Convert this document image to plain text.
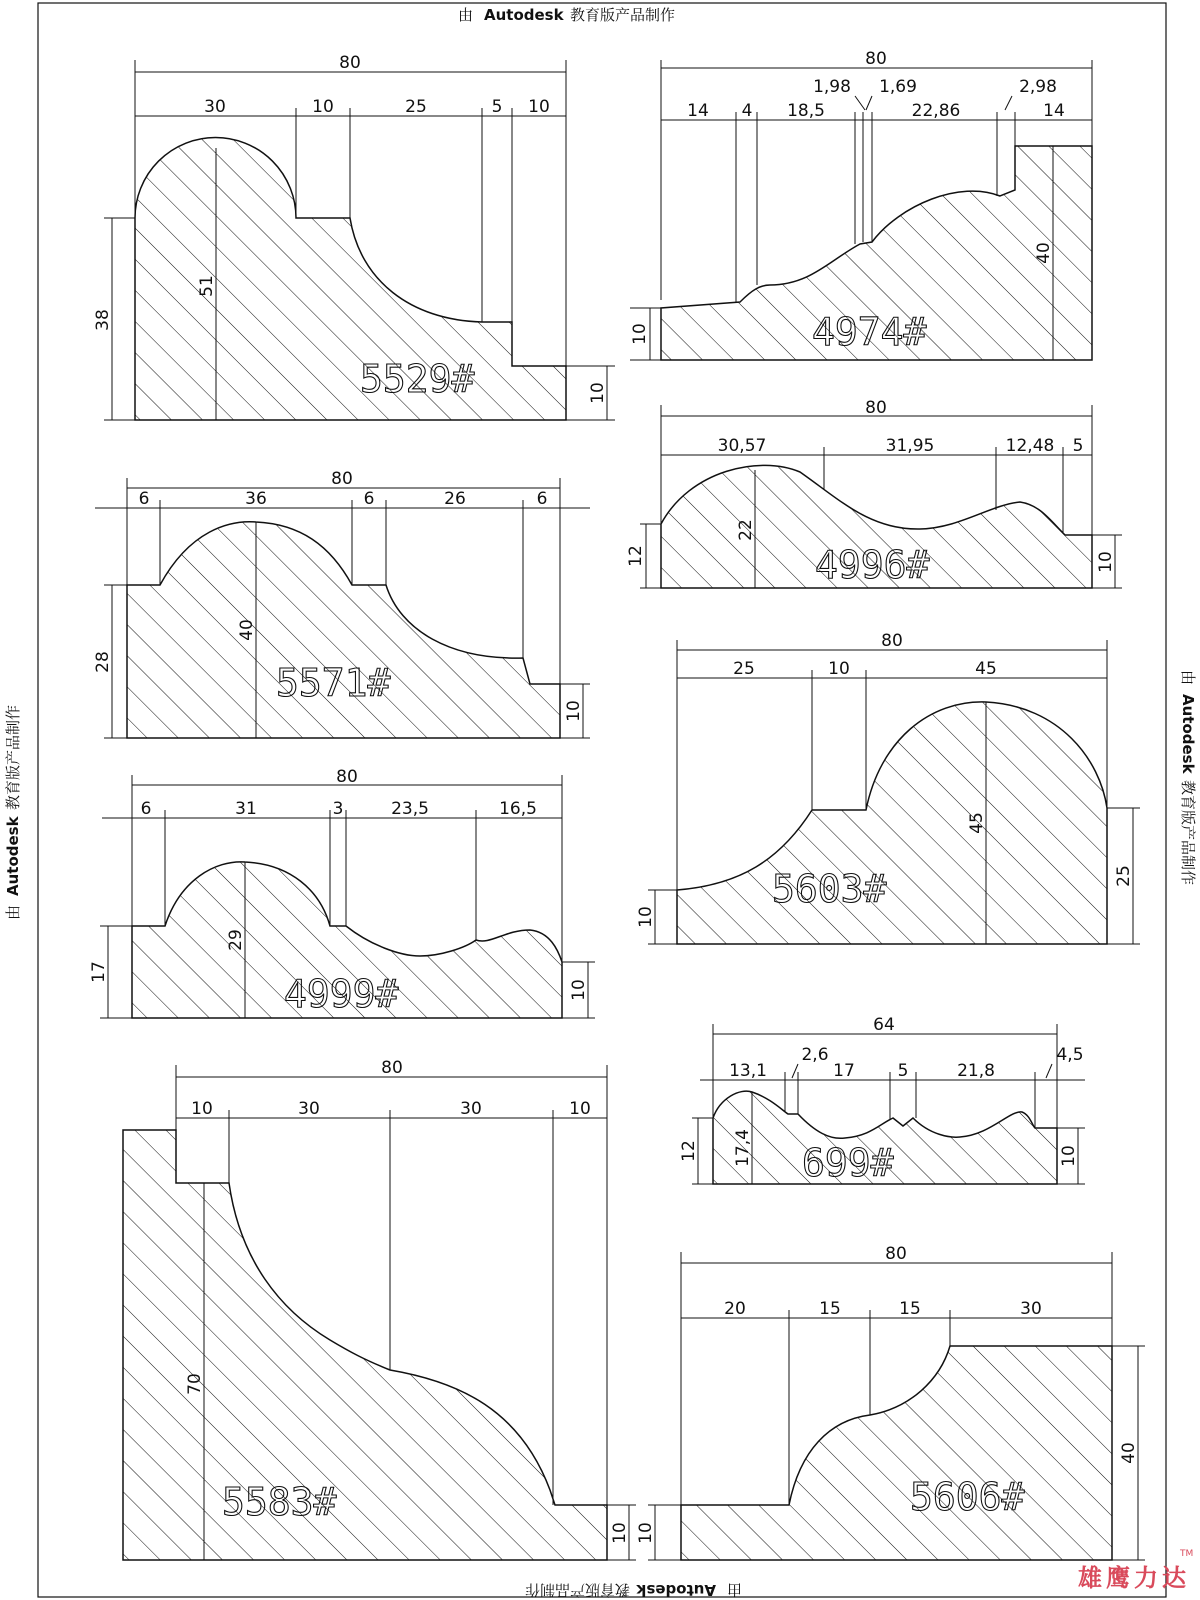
由 Autodesk 教育版产品制作
由
Autodesk
教育版产品制作
由
Autodesk
教育版产品制作
由
Autodesk
教育版产品制作
80
30	10	25	5 10
51
38
10
5529#
80
14 4 18,5
1,98 1,69
22,86
2,98
14
40
10	4974#
80
30,57	31,95	12,48 5
22
12	10
4996#
80
6	36	6	26	6
40
28
10
5571#
80
25	10	45
45
25
10
5603#
80
6	31	3	23,5	16,5
29
17
10
4999#
64
13,1
2,6
17	5	21,8
4,5
17,4
12	10
699#
80
10	30	30	10
70
10
5583#
80
20	15	15	30
40
10
5606#
雄鹰力达
TM
